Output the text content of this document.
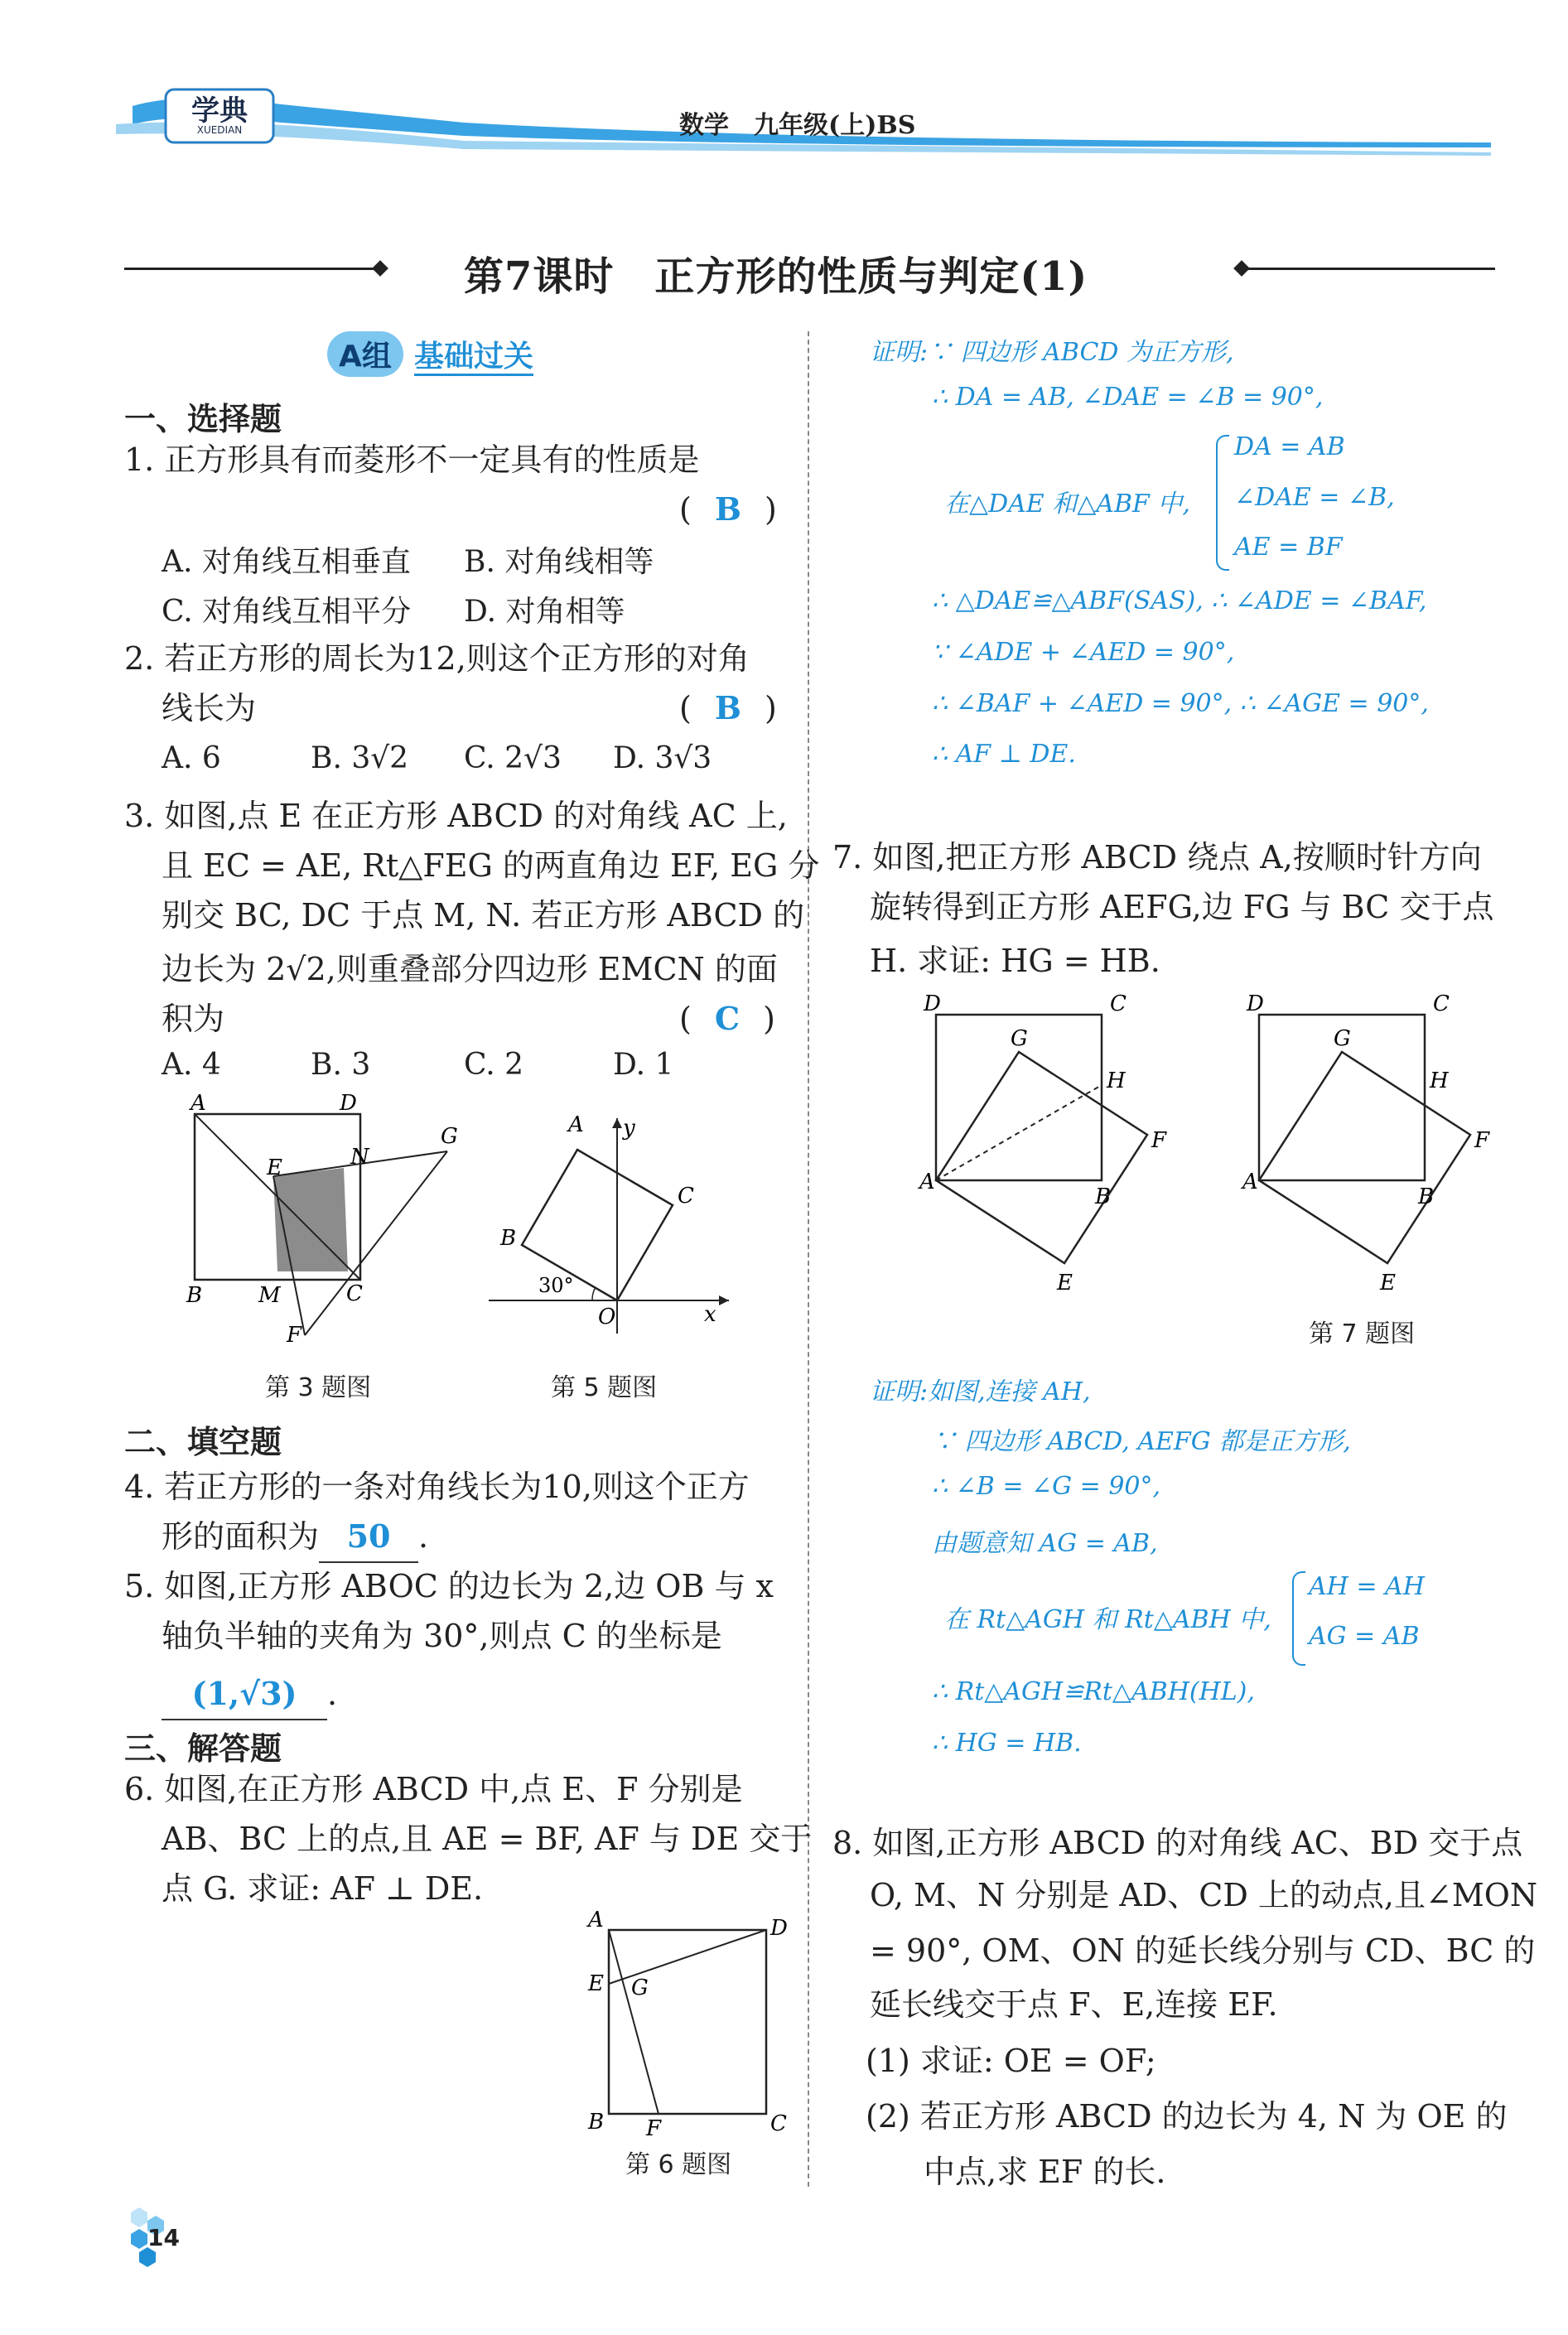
学典
XUEDIAN	数学　九年级(上)BS
第7课时　正方形的性质与判定(1)
A组 基础过关
一、选择题
1. 正方形具有而菱形不一定具有的性质是
( B )
A. 对角线互相垂直 B. 对角线相等
C. 对角线互相平分 D. 对角相等
2. 若正方形的周长为12,则这个正方形的对角
线长为	( B )
A. 6	B. 3√2 C. 2√3 D. 3√3
3. 如图,点 E 在正方形 ABCD 的对角线 AC 上,
且 EC = AE, Rt△FEG 的两直角边 EF, EG 分
别交 BC, DC 于点 M, N. 若正方形 ABCD 的
边长为 2√2,则重叠部分四边形 EMCN 的面
积为	( C )
A. 4	B. 3	C. 2	D. 1
A	D
B	C
E	N
G
M
F
第 3 题图
A y
B
C
30°
O	x
第 5 题图
二、填空题
4. 若正方形的一条对角线长为10,则这个正方
形的面积为 50 .
5. 如图,正方形 ABOC 的边长为 2,边 OB 与 x
轴负半轴的夹角为 30°,则点 C 的坐标是
(1,√3) .
三、解答题
6. 如图,在正方形 ABCD 中,点 E、F 分别是
AB、BC 上的点,且 AE = BF, AF 与 DE 交于
点 G. 求证: AF ⊥ DE.
A	D
E G
B F	C
第 6 题图
证明:∵ 四边形 ABCD 为正方形,
∴ DA = AB, ∠DAE = ∠B = 90°,
在△DAE 和△ABF 中,
DA = AB
∠DAE = ∠B,
AE = BF
∴ △DAE≌△ABF(SAS), ∴ ∠ADE = ∠BAF,
∵ ∠ADE + ∠AED = 90°,
∴ ∠BAF + ∠AED = 90°, ∴ ∠AGE = 90°,
∴ AF ⊥ DE.
7. 如图,把正方形 ABCD 绕点 A,按顺时针方向
旋转得到正方形 AEFG,边 FG 与 BC 交于点
H. 求证: HG = HB.
D	C
A
B
G
H
F
E
D	C
A
B
G
H
F
E
第 7 题图
证明:如图,连接 AH,
∵ 四边形 ABCD, AEFG 都是正方形,
∴ ∠B = ∠G = 90°,
由题意知 AG = AB,
在 Rt△AGH 和 Rt△ABH 中,
AH = AH
AG = AB
∴ Rt△AGH≌Rt△ABH(HL),
∴ HG = HB.
8. 如图,正方形 ABCD 的对角线 AC、BD 交于点
O, M、N 分别是 AD、CD 上的动点,且∠MON
= 90°, OM、ON 的延长线分别与 CD、BC 的
延长线交于点 F、E,连接 EF.
(1) 求证: OE = OF;
(2) 若正方形 ABCD 的边长为 4, N 为 OE 的
中点,求 EF 的长.
14
